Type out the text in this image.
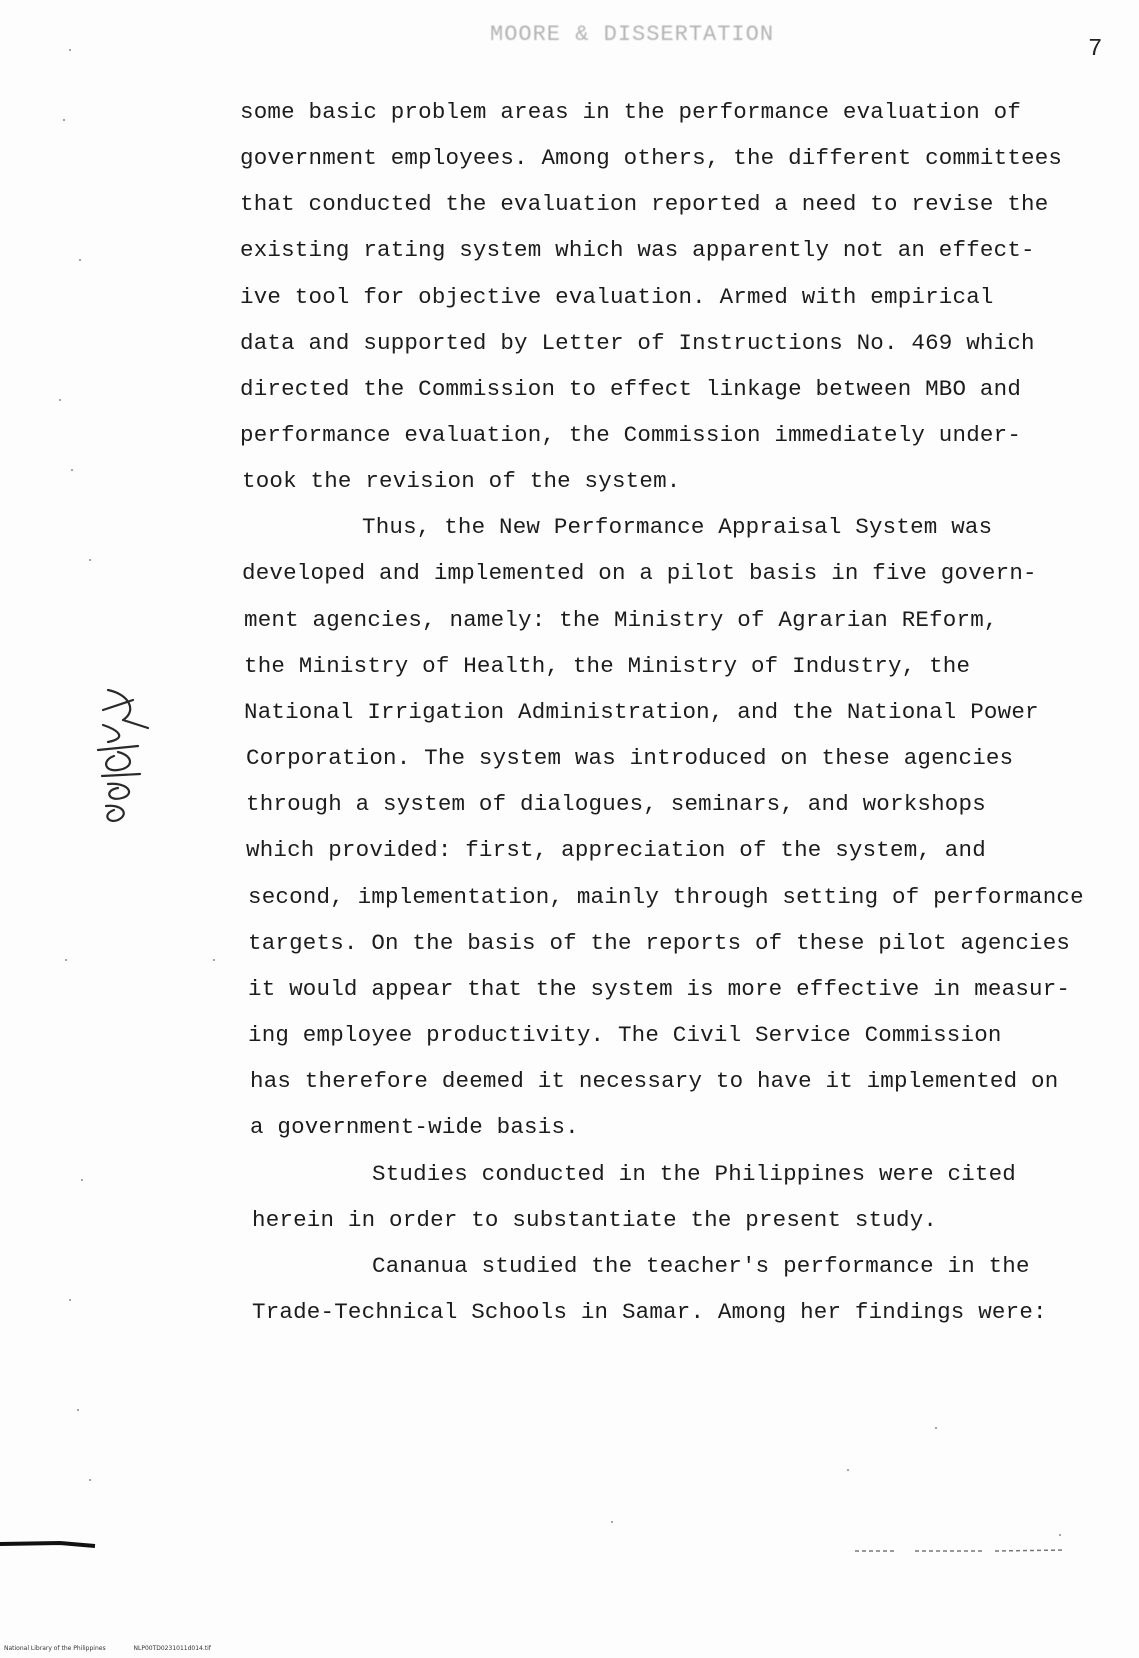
MOORE & DISSERTATION
7
some basic problem areas in the performance evaluation of
government employees. Among others, the different committees
that conducted the evaluation reported a need to revise the
existing rating system which was apparently not an effect-
ive tool for objective evaluation. Armed with empirical
data and supported by Letter of Instructions No. 469 which
directed the Commission to effect linkage between MBO and
performance evaluation, the Commission immediately under-
took the revision of the system.
Thus, the New Performance Appraisal System was
developed and implemented on a pilot basis in five govern-
ment agencies, namely: the Ministry of Agrarian REform,
the Ministry of Health, the Ministry of Industry, the
National Irrigation Administration, and the National Power
Corporation. The system was introduced on these agencies
through a system of dialogues, seminars, and workshops
which provided: first, appreciation of the system, and
second, implementation, mainly through setting of performance
targets. On the basis of the reports of these pilot agencies
it would appear that the system is more effective in measur-
ing employee productivity. The Civil Service Commission
has therefore deemed it necessary to have it implemented on
a government-wide basis.
Studies conducted in the Philippines were cited
herein in order to substantiate the present study.
Cananua studied the teacher's performance in the
Trade-Technical Schools in Samar. Among her findings were:
National Library of the Philippines	NLP00TD0231011d014.tif
